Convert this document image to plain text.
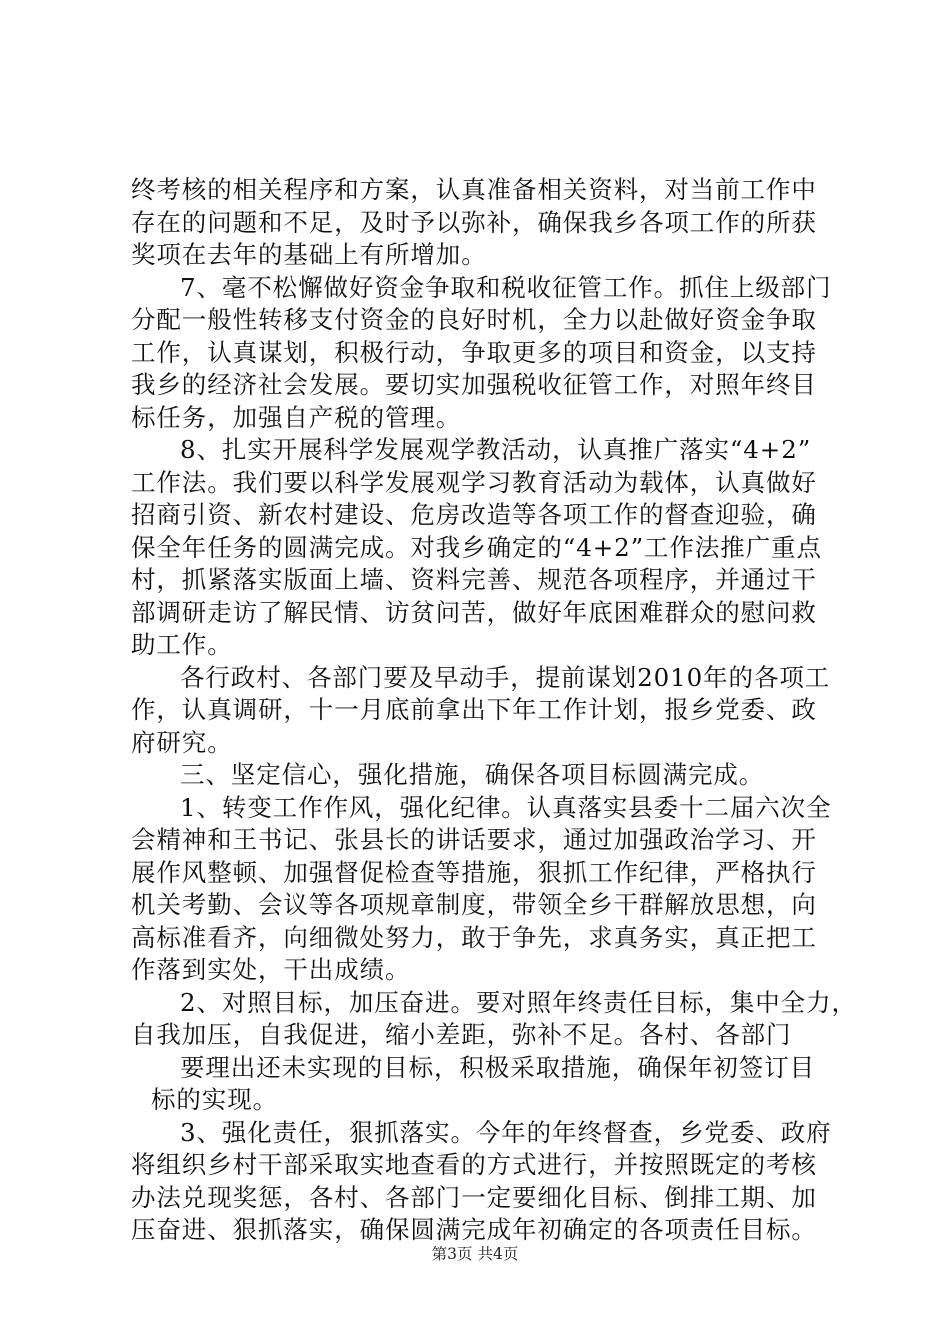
终考核的相关程序和方案，认真准备相关资料，对当前工作中
存在的问题和不足，及时予以弥补，确保我乡各项工作的所获
奖项在去年的基础上有所增加。
7、毫不松懈做好资金争取和税收征管工作。抓住上级部门
分配一般性转移支付资金的良好时机，全力以赴做好资金争取
工作，认真谋划，积极行动，争取更多的项目和资金，以支持
我乡的经济社会发展。要切实加强税收征管工作，对照年终目
标任务，加强自产税的管理。
8、扎实开展科学发展观学教活动，认真推广落实“4+2”
工作法。我们要以科学发展观学习教育活动为载体，认真做好
招商引资、新农村建设、危房改造等各项工作的督查迎验，确
保全年任务的圆满完成。对我乡确定的“4+2”工作法推广重点
村，抓紧落实版面上墙、资料完善、规范各项程序，并通过干
部调研走访了解民情、访贫问苦，做好年底困难群众的慰问救
助工作。
各行政村、各部门要及早动手，提前谋划2010年的各项工
作，认真调研，十一月底前拿出下年工作计划，报乡党委、政
府研究。
三、坚定信心，强化措施，确保各项目标圆满完成。
1、转变工作作风，强化纪律。认真落实县委十二届六次全
会精神和王书记、张县长的讲话要求，通过加强政治学习、开
展作风整顿、加强督促检查等措施，狠抓工作纪律，严格执行
机关考勤、会议等各项规章制度，带领全乡干群解放思想，向
高标准看齐，向细微处努力，敢于争先，求真务实，真正把工
作落到实处，干出成绩。
2、对照目标，加压奋进。要对照年终责任目标，集中全力，
自我加压，自我促进，缩小差距，弥补不足。各村、各部门
要理出还未实现的目标，积极采取措施，确保年初签订目
标的实现。
3、强化责任，狠抓落实。今年的年终督查，乡党委、政府
将组织乡村干部采取实地查看的方式进行，并按照既定的考核
办法兑现奖惩，各村、各部门一定要细化目标、倒排工期、加
压奋进、狠抓落实，确保圆满完成年初确定的各项责任目标。
第3页 共4页
